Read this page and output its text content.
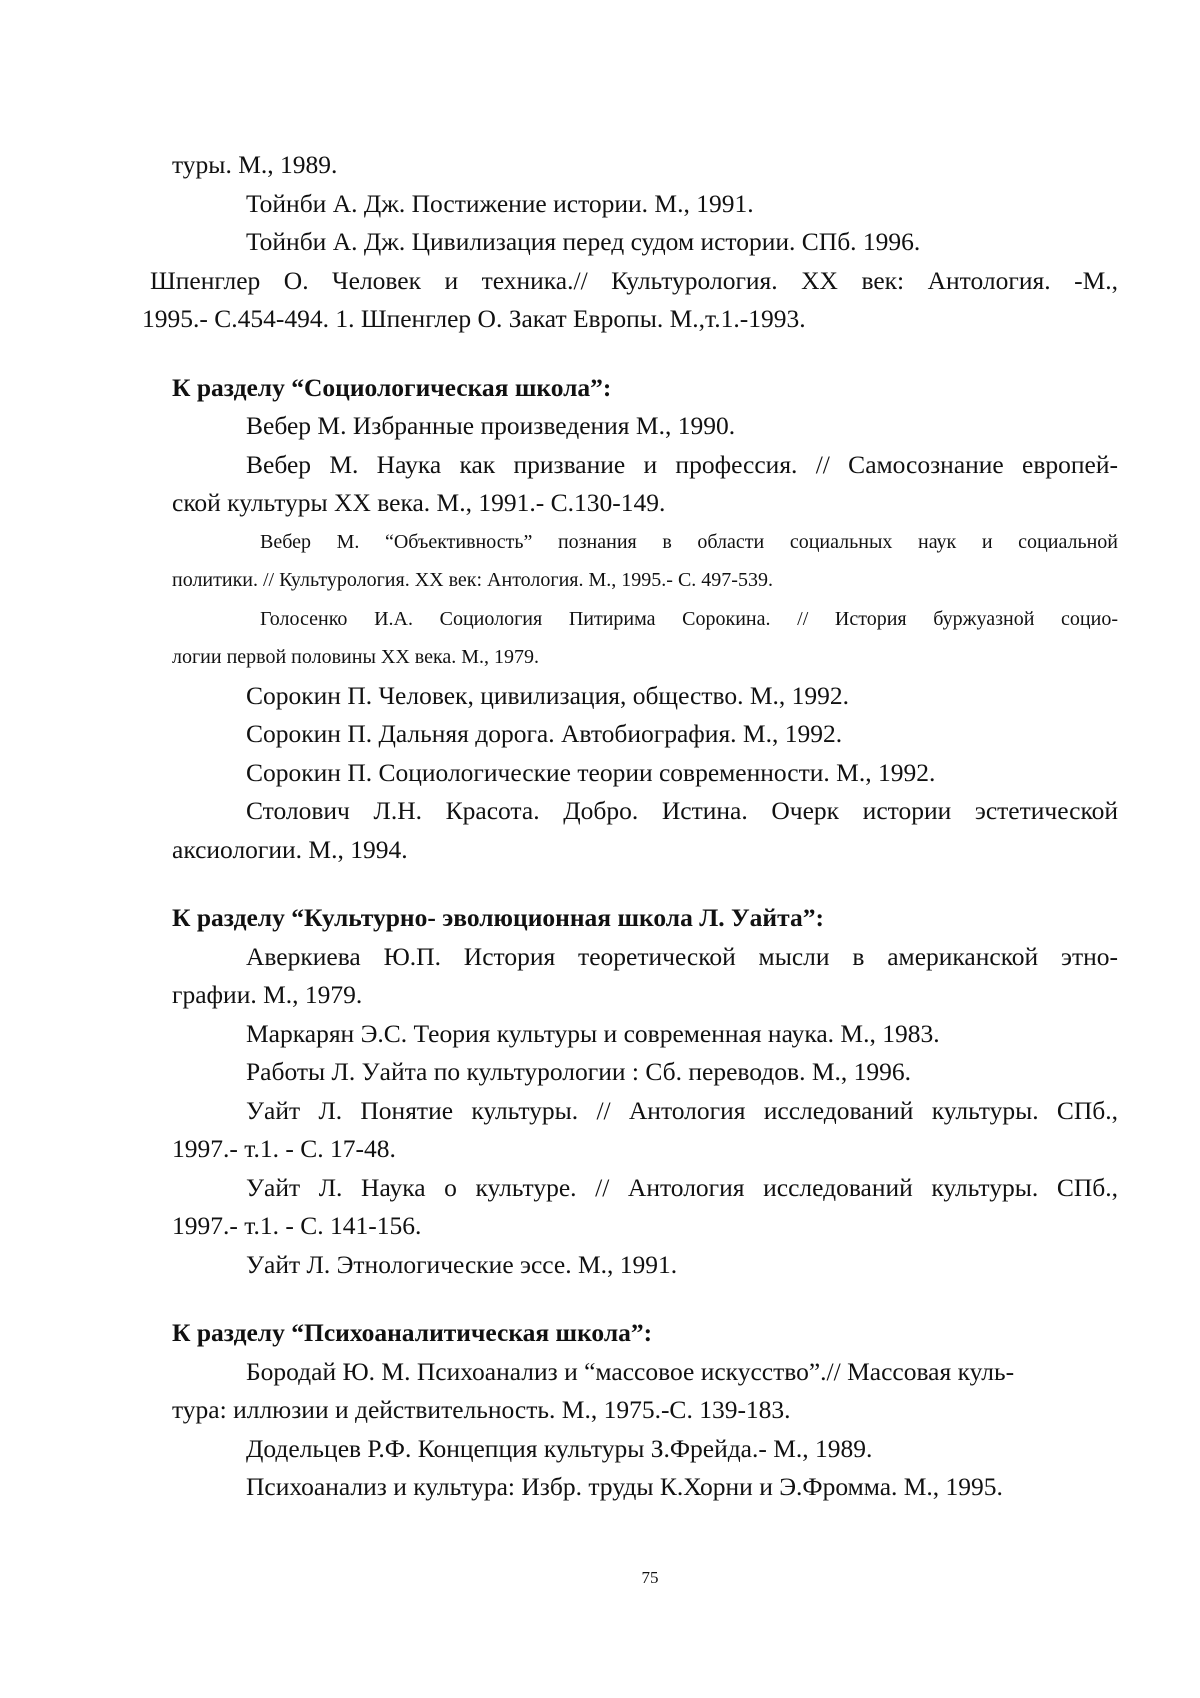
туры. М., 1989.
Тойнби А. Дж. Постижение истории. М., 1991.
Тойнби А. Дж. Цивилизация перед судом истории. СПб. 1996.
Шпенглер О. Человек и техника.// Культурология. XX век: Антология. -М.,
1995.- С.454-494. 1. Шпенглер О. Закат Европы. М.,т.1.-1993.
К разделу “Социологическая школа”:
Вебер М. Избранные произведения М., 1990.
Вебер М. Наука как призвание и профессия. // Самосознание европей-
ской культуры XX века. М., 1991.- С.130-149.
Вебер М. “Объективность” познания в области социальных наук и социальной
политики. // Культурология. XX век: Антология. М., 1995.- С. 497-539.
Голосенко И.А. Социология Питирима Сорокина. // История буржуазной социо-
логии первой половины XX века. М., 1979.
Сорокин П. Человек, цивилизация, общество. М., 1992.
Сорокин П. Дальняя дорога. Автобиография. М., 1992.
Сорокин П. Социологические теории современности. М., 1992.
Столович Л.Н. Красота. Добро. Истина. Очерк истории эстетической
аксиологии. М., 1994.
К разделу “Культурно- эволюционная школа Л. Уайта”:
Аверкиева Ю.П. История теоретической мысли в американской этно-
графии. М., 1979.
Маркарян Э.С. Теория культуры и современная наука. М., 1983.
Работы Л. Уайта по культурологии : Сб. переводов. М., 1996.
Уайт Л. Понятие культуры. // Антология исследований культуры. СПб.,
1997.- т.1. - С. 17-48.
Уайт Л. Наука о культуре. // Антология исследований культуры. СПб.,
1997.- т.1. - С. 141-156.
Уайт Л. Этнологические эссе. М., 1991.
К разделу “Психоаналитическая школа”:
Бородай Ю. М. Психоанализ и “массовое искусство”.// Массовая куль-
тура: иллюзии и действительность. М., 1975.-С. 139-183.
Додельцев Р.Ф. Концепция культуры З.Фрейда.- М., 1989.
Психоанализ и культура: Избр. труды К.Хорни и Э.Фромма. М., 1995.
75
